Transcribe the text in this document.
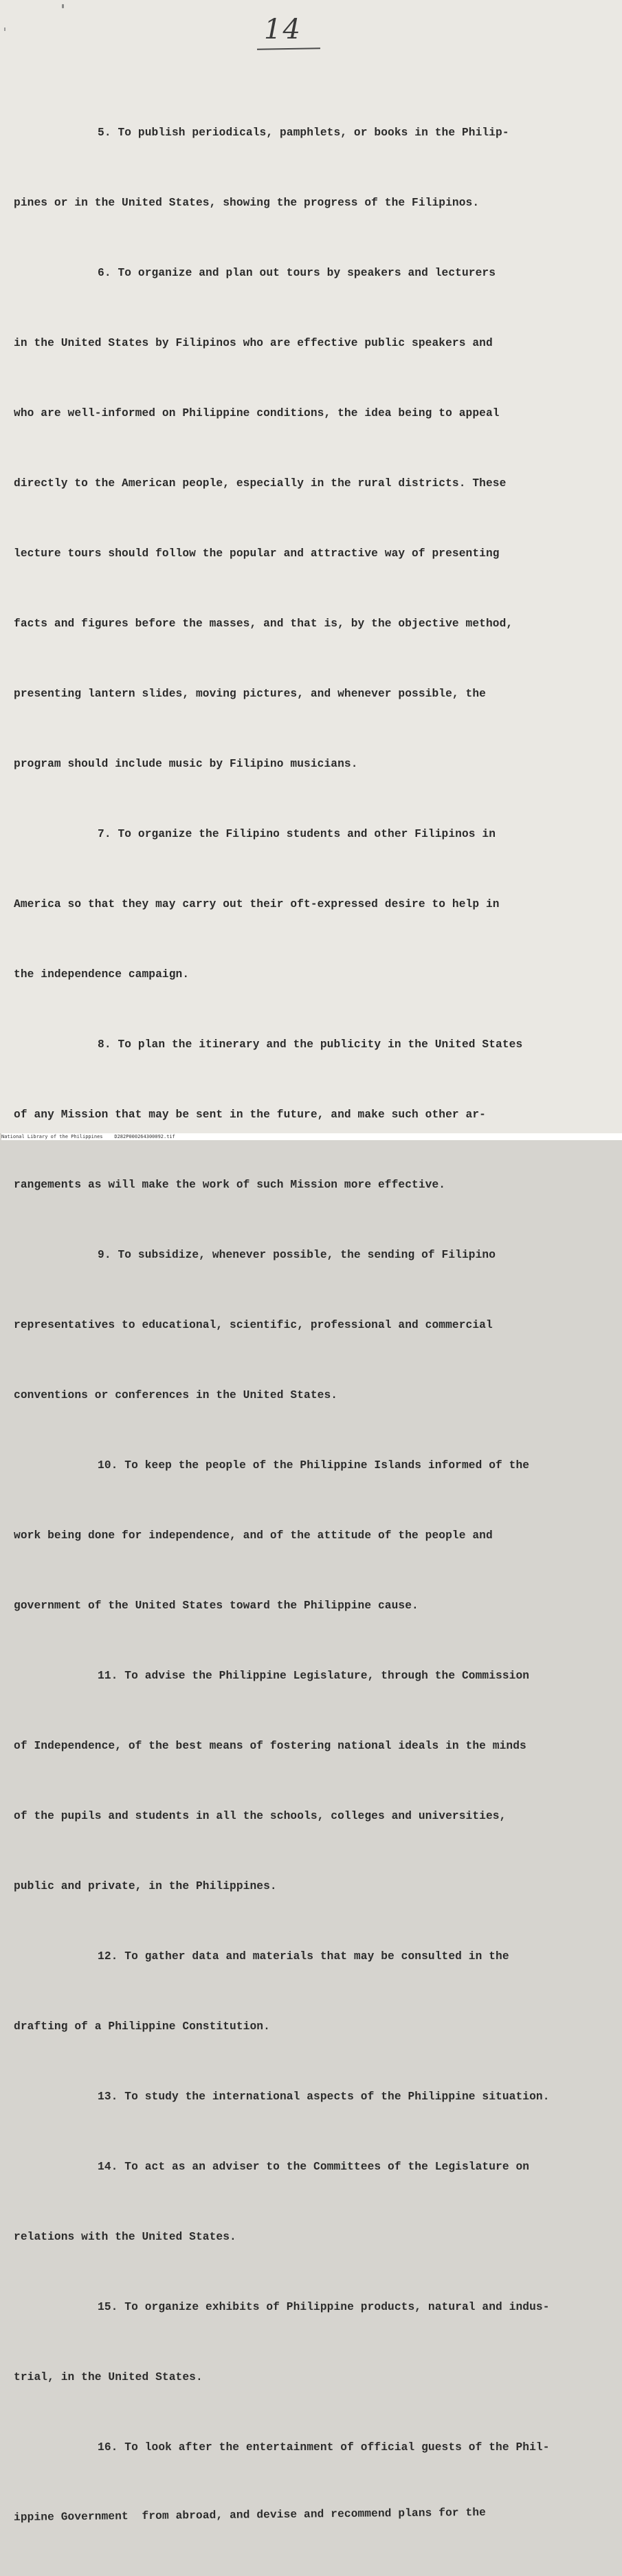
14

5. To publish periodicals, pamphlets, or books in the Philip-

pines or in the United States, showing the progress of the Filipinos.

6. To organize and plan out tours by speakers and lecturers

in the United States by Filipinos who are effective public speakers and

who are well-informed on Philippine conditions, the idea being to appeal

directly to the American people, especially in the rural districts. These

lecture tours should follow the popular and attractive way of presenting

facts and figures before the masses, and that is, by the objective method,

presenting lantern slides, moving pictures, and whenever possible, the

program should include music by Filipino musicians.

7. To organize the Filipino students and other Filipinos in

America so that they may carry out their oft-expressed desire to help in

the independence campaign.

8. To plan the itinerary and the publicity in the United States

of any Mission that may be sent in the future, and make such other ar-

rangements as will make the work of such Mission more effective.

9. To subsidize, whenever possible, the sending of Filipino

representatives to educational, scientific, professional and commercial

conventions or conferences in the United States.

10. To keep the people of the Philippine Islands informed of the

work being done for independence, and of the attitude of the people and

government of the United States toward the Philippine cause.

11. To advise the Philippine Legislature, through the Commission

of Independence, of the best means of fostering national ideals in the minds

of the pupils and students in all the schools, colleges and universities,

public and private, in the Philippines.

12. To gather data and materials that may be consulted in the

drafting of a Philippine Constitution.

13. To study the international aspects of the Philippine situation.

14. To act as an adviser to the Committees of the Legislature on

relations with the United States.

15. To organize exhibits of Philippine products, natural and indus-

trial, in the United States.

16. To look after the entertainment of official guests of the Phil-

ippine Government  from abroad, and devise and recommend plans for the

National Library of the Philippines D282P000264300092.tif
